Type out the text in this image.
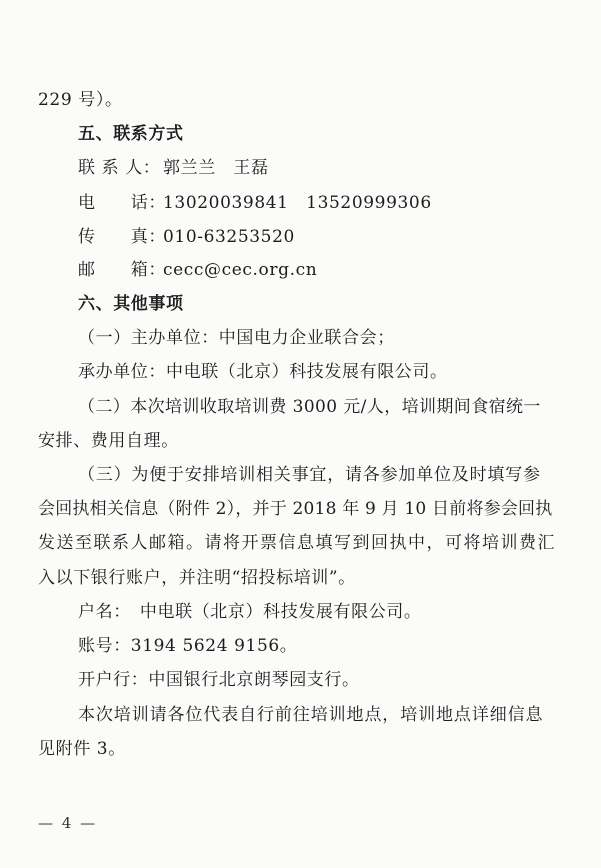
229 号）。
五、联系方式
联 系 人： 郭兰兰　王磊
电　　话：
13020039841　13520999306
传　　真：
010-63253520
邮　　箱：
cecc@cec.org.cn
六、其他事项
（一）主办单位：中国电力企业联合会；
承办单位：中电联（北京）科技发展有限公司。
（二）本次培训收取培训费 3000 元/人，培训期间食宿统一
安排、费用自理。
（三）为便于安排培训相关事宜，请各参加单位及时填写参
会回执相关信息（附件 2），并于 2018 年 9 月 10 日前将参会回执
发送至联系人邮箱。请将开票信息填写到回执中，可将培训费汇
入以下银行账户，并注明“招投标培训”。
户名：　中电联（北京）科技发展有限公司。
账号：3194 5624 9156。
开户行：中国银行北京朗琴园支行。
本次培训请各位代表自行前往培训地点，培训地点详细信息
见附件 3。
— 4 —
